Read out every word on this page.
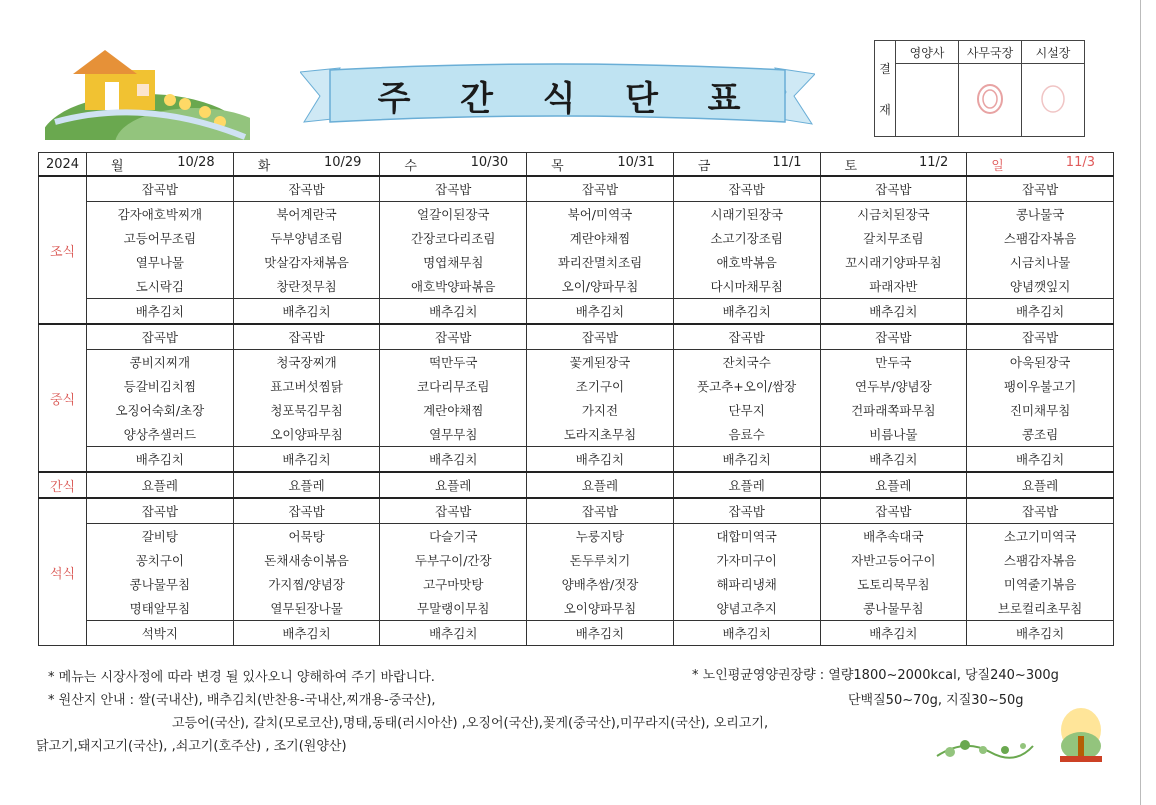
주 간 식 단 표
결
재	영양사	사무국장	시설장

2024	월 10/28	화 10/29	수 10/30	목 10/31	금 11/1	토 11/2	일 11/3

조식	잡곡밥	잡곡밥	잡곡밥	잡곡밥	잡곡밥	잡곡밥	잡곡밥
	감자애호박찌개	북어계란국	얼갈이된장국	북어/미역국	시래기된장국	시금치된장국	콩나물국
	고등어무조림	두부양념조림	간장코다리조림	계란야채찜	소고기장조림	갈치무조림	스팸감자볶음
	열무나물	맛살감자채볶음	명엽채무침	꽈리잔멸치조림	애호박볶음	꼬시래기양파무침	시금치나물
	도시락김	창란젓무침	애호박양파볶음	오이/양파무침	다시마채무침	파래자반	양념깻잎지
	배추김치	배추김치	배추김치	배추김치	배추김치	배추김치	배추김치
중식	잡곡밥	잡곡밥	잡곡밥	잡곡밥	잡곡밥	잡곡밥	잡곡밥
	콩비지찌개	청국장찌개	떡만두국	꽃게된장국	잔치국수	만두국	아욱된장국
	등갈비김치찜	표고버섯찜닭	코다리무조림	조기구이	풋고추+오이/쌈장	연두부/양념장	팽이우불고기
	오징어숙회/초장	청포묵김무침	계란야채찜	가지전	단무지	건파래쪽파무침	진미채무침
	양상추샐러드	오이양파무침	열무무침	도라지초무침	음료수	비름나물	콩조림
	배추김치	배추김치	배추김치	배추김치	배추김치	배추김치	배추김치
간식	요플레	요플레	요플레	요플레	요플레	요플레	요플레
석식	잡곡밥	잡곡밥	잡곡밥	잡곡밥	잡곡밥	잡곡밥	잡곡밥
	갈비탕	어묵탕	다슬기국	누룽지탕	대합미역국	배추속대국	소고기미역국
	꽁치구이	돈채새송이볶음	두부구이/간장	돈두루치기	가자미구이	자반고등어구이	스팸감자볶음
	콩나물무침	가지찜/양념장	고구마맛탕	양배추쌈/젓장	해파리냉채	도토리묵무침	미역줄기볶음
	명태알무침	열무된장나물	무말랭이무침	오이양파무침	양념고추지	콩나물무침	브로컬리초무침
	석박지	배추김치	배추김치	배추김치	배추김치	배추김치	배추김치
* 메뉴는 시장사정에 따라 변경 될 있사오니 양해하여 주기 바랍니다.
* 원산지 안내 : 쌀(국내산), 배추김치(반찬용-국내산,찌개용-중국산),
고등어(국산), 갈치(모로코산),명태,동태(러시아산) ,오징어(국산),꽃게(중국산),미꾸라지(국산), 오리고기,
닭고기,돼지고기(국산), ,쇠고기(호주산) , 조기(원양산)
* 노인평균영양권장량 : 열량1800~2000kcal, 당질240~300g
단백질50~70g, 지질30~50g
